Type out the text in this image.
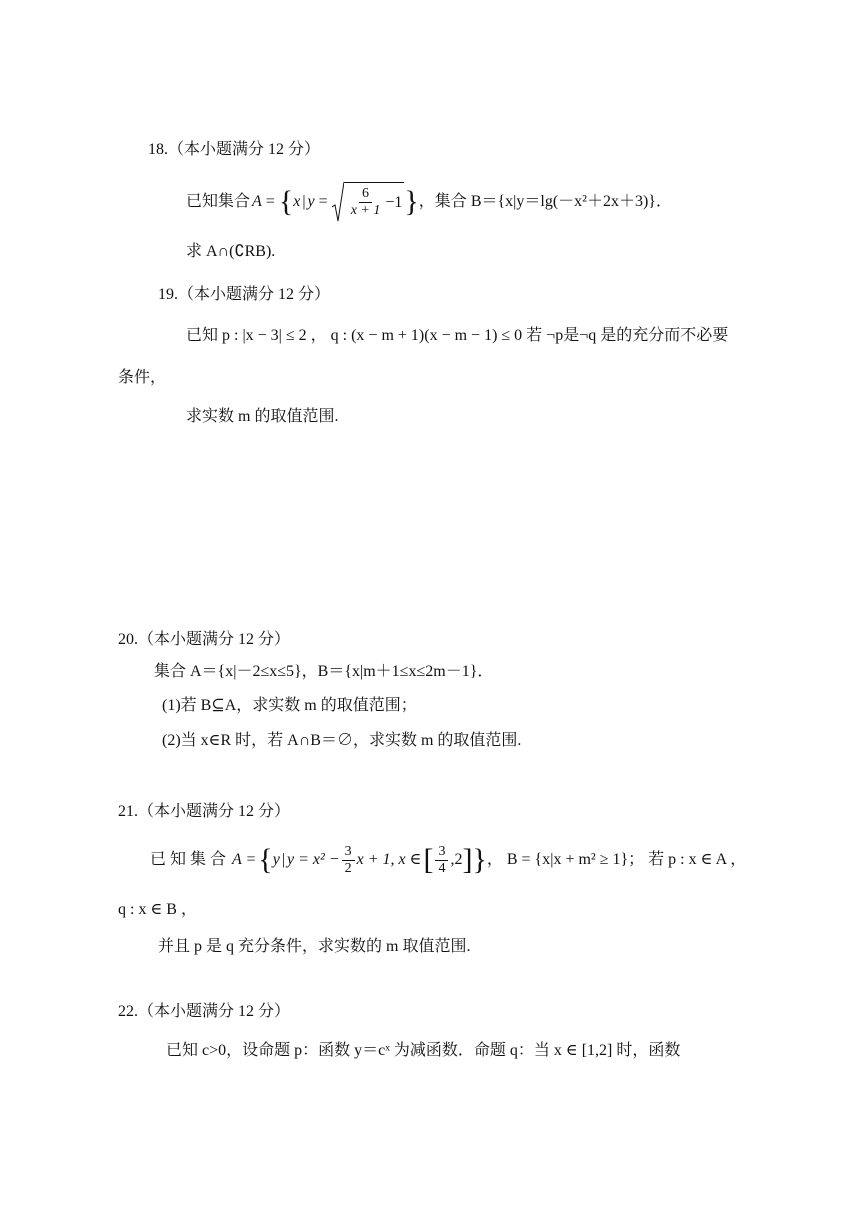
18.（本小题满分 12 分）
已知集合 A = { x | $y = \frac{6}{x + 1} -1$ } ，集合 B＝{x|y＝lg(－x²＋2x＋3)}．
求 A∩(∁RB).
19.（本小题满分 12 分）
已知 p : |x − 3| ≤ 2 ， q : (x − m + 1)(x − m − 1) ≤ 0 若 ¬p是¬q 是的充分而不必要
条件，
求实数 m 的取值范围.
20.（本小题满分 12 分）
集合 A＝{x|－2≤x≤5}，B＝{x|m＋1≤x≤2m－1}．
(1)若 B⊆A，求实数 m 的取值范围；
(2)当 x∈R 时，若 A∩B＝∅，求实数 m 的取值范围.
21.（本小题满分 12 分）
已 知 集 合 A = { y | $y = x^2 - \frac{3}{2}$ x + 1, x ∈ [ $\frac{3}{4} ,2$ ] } ， B = {x|x + m² ≥ 1}； 若 p : x ∈ A ，
q : x ∈ B ，
并且 p 是 q 充分条件，求实数的 m 取值范围.
22.（本小题满分 12 分）
已知 c>0，设命题 p：函数 y＝cˣ 为减函数．命题 q：当 x ∈ [1,2] 时，函数
